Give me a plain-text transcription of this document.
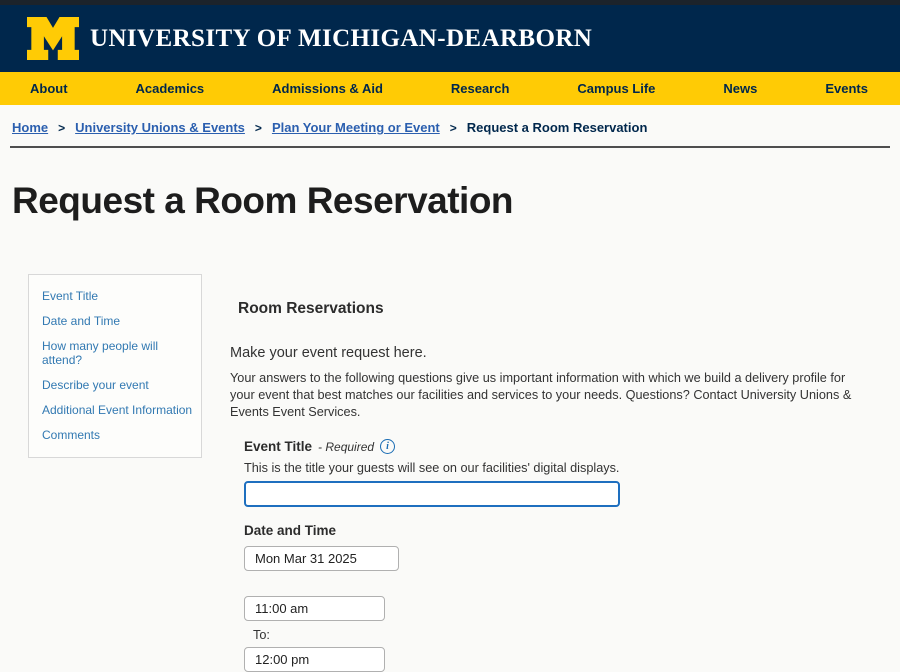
UNIVERSITY OF MICHIGAN-DEARBORN
About	Academics	Admissions & Aid	Research	Campus Life	News	Events
Home > University Unions & Events > Plan Your Meeting or Event > Request a Room Reservation
Request a Room Reservation
Event Title
Date and Time
How many people will attend?
Describe your event
Additional Event Information
Comments
Room Reservations

Make your event request here.

Your answers to the following questions give us important information with which we build a delivery profile for your event that best matches our facilities and services to your needs. Questions? Contact University Unions & Events Event Services.

Event Title - Required	i
This is the title your guests will see on our facilities' digital displays.
Date and Time
Mon Mar 31 2025
11:00 am
To:
12:00 pm
